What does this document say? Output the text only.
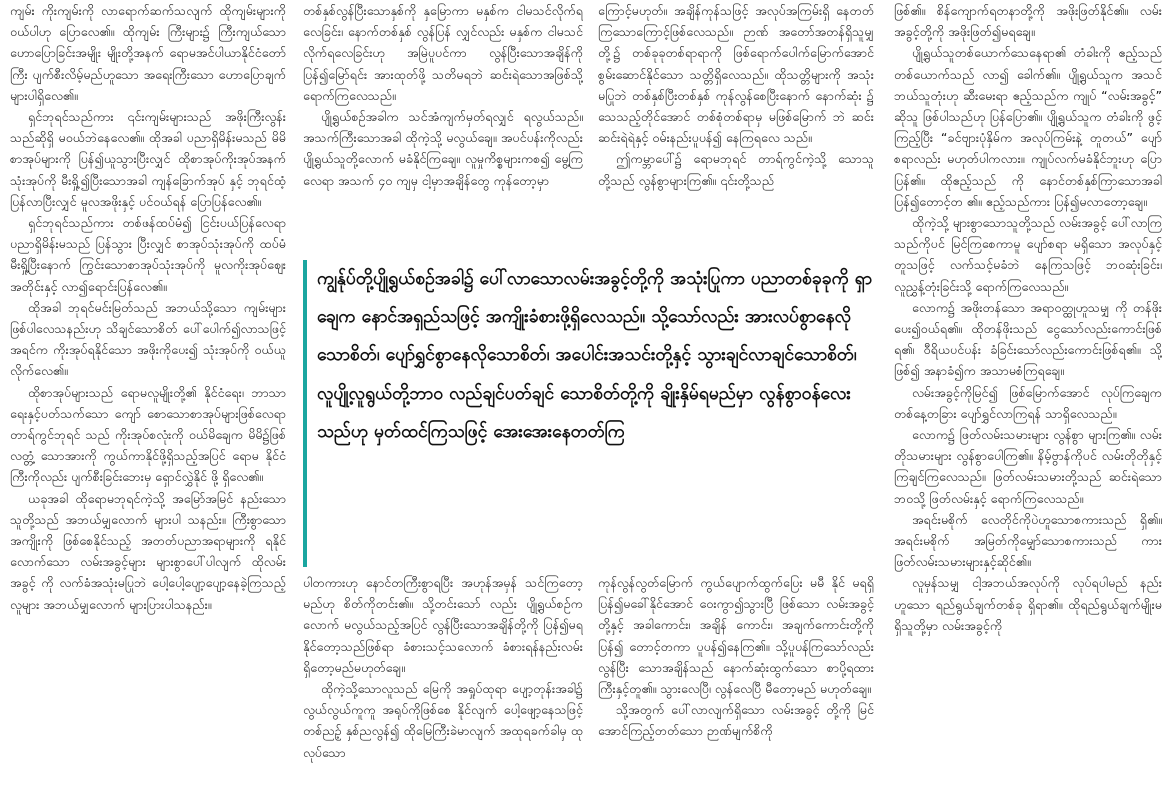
ကျမ်း ကိုးကျမ်းကို လာရောက်ဆက်သလျက် ထိုကျမ်းများကို ဝယ်ပါဟု ပြောလေ၏။ ထိုကျမ်း ကြီးများ၌ ကြီးကျယ်သော ဟောပြောခြင်းအမျိုး မျိုးတို့အနက် ရောမအင်ပါယာနိုင်ငံတော်ကြီး ပျက်စီးလိမ့်မည်ဟူသော အရေးကြီးသော ဟောပြောချက်များပါရှိလေ၏။

ရှင်ဘုရင်သည်ကား ၎င်းကျမ်းများသည် အဖိုးကြီးလွန်းသည်ဆိုရှိ မဝယ်ဘဲနေလေ၏။ ထိုအခါ ပညာရှိမိန်းမသည် မိမိစာအုပ်များကို ပြန်၍ယူသွားပြီးလျှင် ထိုစာအုပ်ကိုးအုပ်အနက် သုံးအုပ်ကို မီးရှို့၍ပြီးသောအခါ ကျန်ခြောက်အုပ် နှင့် ဘုရင်ထံ့ပြန်လာပြီးလျှင် မူလအဖိုးနှင့် ပင်ဝယ်ရန် ပြောပြန်လေ၏။

ရှင်ဘုရင်သည်ကား တစ်ဖန်ထပ်မံ၍ ငြင်းပယ်ပြန်လေရာ ပညာရှိမိန်းမသည် ပြန်သွား ပြီးလျှင် စာအုပ်သုံးအုပ်ကို ထပ်မံမီးရှို့ပြီးနောက် ကြွင်းသောစာအုပ်သုံးအုပ်ကို မူလကိုးအုပ်ဈေး အတိုင်းနှင့် လာ၍ရောင်းပြန်လေ၏။

ထိုအခါ ဘုရင်မင်းမြတ်သည် အဘယ်သို့သော ကျမ်းများဖြစ်ပါလေသနည်းဟု သိချင်သောစိတ် ပေါ်ပေါက်၍လာသဖြင့် အရင်က ကိုးအုပ်ရနိုင်သော အဖိုးကိုပေး၍ သုံးအုပ်ကို ဝယ်ယူလိုက်လေ၏။

ထိုစာအုပ်များသည် ရောမလူမျိုးတို့၏ နိုင်ငံရေး၊ ဘာသာရေးနှင့်ပတ်သက်သော ကျော် စောသောစာအုပ်များဖြစ်လေရာ တာရ်ကွင်ဘုရင် သည် ကိုးအုပ်စလုံးကို ဝယ်မိချေက မိမိ၌ဖြစ်လတ္တံ့ သောအားကို ကွယ်ကာနိုင်ဖို့ရှိသည့်အပြင် ရောမ နိုင်ငံကြီးကိုလည်း ပျက်စီးခြင်းဘေးမှ ရှောင်လွှဲနိုင် ဖို့ ရှိလေ၏။

ယခုအခါ ထိုရောမဘုရင်ကဲ့သို့ အမြော်အမြင် နည်းသောသူတို့သည် အဘယ်မျှလောက် များပါ သနည်း။ ကြီးစွာသောအကျိုးကို ဖြစ်စေနိုင်သည့် အတတ်ပညာအရာများကို ရနိုင်လောက်သော လမ်းအခွင့်များ များစွာပေါ်ပါလျက် ထိုလမ်းအခွင့် ကို လက်ခံအသုံးမပြုဘဲ ပေါ့ပေါ့ပျော့ပျော့နေခဲ့ကြသည့် လူများ အဘယ်မျှလောက် များပြားပါသနည်း။

တစ်နှစ်လွန်ပြီးသောနှစ်ကို နှမြောကာ မနှစ်က ငါမသင်လိုက်ရလေခြင်း၊ နောက်တစ်နှစ် လွန်ပြန် လျှင်လည်း မနှစ်က ငါမသင်လိုက်ရလေခြင်းဟု အမြဲပူပင်ကာ လွန်ပြီးသောအချိန်ကို ပြန်၍မြော်ရင်း အားထုတ်ဖို့ သတိမရဘဲ ဆင်းရဲသောအဖြစ်သို့ ရောက်ကြလေသည်။

ပျို့ရွယ်စဉ်အခါက သင်အံကျက်မှတ်ရလျှင် ရလွယ်သည်။ အသက်ကြီးသောအခါ ထိုကဲ့သို့ မလွယ်ချေ။ အပင်ပန်းကိုလည်း ပျို့ရွယ်သူတို့လောက် မခံနိုင်ကြချေ။ လူမှုကိစ္စများကစ၍ မွေ့ကြလေရာ အသက် ၄၀ ကျမှ ငါ့မှာအချိန်တွေ ကုန်တော့မှာ

ကြောင့်မဟုတ်။ အချိန်ကုန်သဖြင့် အလုပ်အကြမ်းရှိ နေတတ်ကြသောကြောင့်ဖြစ်လေသည်။ ဉာဏ် အတော်အတန်ရှိသူမျှတို့၌ တစ်ခုခုတစ်ရာရာကို ဖြစ်ရောက်ပေါက်မြောက်အောင် စွမ်းဆောင်နိုင်သော သတ္တိရှိလေသည်။ ထိုသတ္တိများကို အသုံးမပြုဘဲ တစ်နှစ်ပြီးတစ်နှစ် ကုန်လွန်စေပြီးနောက် နောက်ဆုံး ၌ သေသည့်တိုင်အောင် တစ်စုံတစ်ရာမှ မဖြစ်မြောက် ဘဲ ဆင်းဆင်းရဲရဲနှင့် ဝမ်းနည်းပူပန်၍ နေကြရလေ သည်။

ဤကမ္ဘာပေါ်၌ ရောမဘုရင် တာရ်ကွင်ကဲ့သို့ သောသူတို့သည် လွန်စွာများကြ၏။ ၎င်းတို့သည်

ကျွန်ုပ်တို့ပျို့ရွယ်စဉ်အခါ၌ ပေါ်လာသောလမ်းအခွင့်တို့ကို အသုံးပြုကာ ပညာတစ်ခုခုကို ရှာချေက နောင်အရှည်သဖြင့် အကျိုးခံစားဖို့ရှိလေသည်။ သို့သော်လည်း အားလပ်စွာနေလိုသောစိတ်၊ ပျော်ရွှင်စွာနေလိုသောစိတ်၊ အပေါင်းအသင်းတို့နှင့် သွားချင်လာချင်သောစိတ်၊ လူပျို့လူရွယ်တို့ဘာဝ လည်ချင်ပတ်ချင် သောစိတ်တို့ကို ချိုးနှိမ်ရမည်မှာ လွန်စွာဝန်လေးသည်ဟု မှတ်ထင်ကြသဖြင့် အေးအေးနေတတ်ကြ

ပါတကားဟု နောင်တကြီးစွာရပြီး အဟုန်အမှန် သင်ကြတော့မည်ဟု စိတ်ကိုတင်း၏။ သို့တင်းသော် လည်း ပျို့ရွယ်စဉ်ကလောက် မလွယ်သည့်အပြင် လွန်ပြီးသောအချိန်တို့ကို ပြန်၍မရနိုင်တော့သည်ဖြစ်ရာ ခံစားသင့်သလောက် ခံစားရန်နည်းလမ်း ရှိတော့မည်မဟုတ်ချေ။

ထိုကဲ့သို့သောလူသည် မြေကို အရှုပ်ထုရာ ပျော့တုန်းအခါ၌ လွယ်လွယ်ကူကူ အရုပ်ကိုဖြစ်စေ နိုင်လျက် ပေါ့ဖျော့နေသဖြင့် တစ်ညဉ့် နှစ်ညလွန်၍ ထိုမြေကြီးခဲမာလျက် အထုရခက်ခါမှ ထုလုပ်သော

ကုန်လွန်လွတ်မြောက် ကွယ်ပျောက်ထွက်ပြေး မမီ နိုင် မရရှိ ပြန်၍မခေါ်နိုင်အောင် ဝေးကွာ၍သွားပြီ ဖြစ်သော လမ်းအခွင့်တို့နှင့် အခါကောင်း၊ အချိန် ကောင်း၊ အချက်ကောင်းတို့ကို ပြန်၍ တောင့်တကာ ပူပန်၍နေကြ၏။ သို့ပူပန်ကြသော်လည်း လွန်ပြီး သောအချိန်သည် နောက်ဆုံးထွက်သော စာပို့ရထား ကြီးနှင့်တူ၏။ သွားလေပြီ၊ လွန်လေပြီ မီတော့မည် မဟုတ်ချေ။

သို့အတွက် ပေါ်လာလျက်ရှိသော လမ်းအခွင့် တို့ကို မြင်အောင်ကြည့်တတ်သော ဉာဏ်မျက်စိကို

ဖြစ်၏။ စိန်ကျောက်ရတနာတို့ကို အဖိုးဖြတ်နိုင်၏။ လမ်းအခွင့်တို့ကို အဖိုးဖြတ်၍မရချေ။

ပျို့ရွယ်သူတစ်ယောက်သေနေရာ၏ တံခါးကို ဧည့်သည်တစ်ယောက်သည် လာ၍ ခေါက်၏။ ပျို့ရွယ်သူက အသင်ဘယ်သူတုံးဟု ဆီးမေးရာ ဧည့်သည်က ကျုပ် “လမ်းအခွင့်” ဆိုသူ ဖြစ်ပါသည်ဟု ပြန်ပြော၏။ ပျို့ရွယ်သူက တံခါးကို ဖွင့်ကြည့်ပြီး “ခင်ဗျားပုံနှိမ်က အလုပ်ကြမ်းနဲ့ တူတယ်” ပျော်စရာလည်း မဟုတ်ပါကလား။ ကျုပ်လက်မခံနိုင်ဘူးဟု ပြောပြန်၏။ ထိုဧည့်သည် ကို နောင်တစ်နှစ်ကြာသောအခါ ပြန်၍တောင့်တ ၏။ ဧည့်သည်ကား ပြန်၍မလာတော့ချေ။

ထိုကဲ့သို့ များစွာသောသူတို့သည် လမ်းအခွင့် ပေါ်လာကြသည်ကိုပင် မြင်ကြစေကာမူ ပျော်စရာ မရှိသော အလုပ်နှင့်တူသဖြင့် လက်သင့်မခံဘဲ နေကြသဖြင့် ဘဝဆုံးခြင်း၊ လူညွှန့်တုံးခြင်းသို့ ရောက်ကြလေသည်။

လောက၌ အဖိုးတန်သော အရာဝတ္ထုဟူသမျှ ကို တန်ဖိုးပေး၍ဝယ်ရ၏။ ထိုတန်ဖိုးသည် ငွေသော်လည်းကောင်းဖြစ်ရ၏၊ ဝီရိယပင်ပန်း ခံခြင်းသော်လည်းကောင်းဖြစ်ရ၏။ သို့ဖြစ်၍ အနာခံ၍က အသာမစံကြရချေ။

လမ်းအခွင့်ကိုမြင်၍ ဖြစ်မြောက်အောင် လုပ်ကြချေက တစ်နေ့တခြား ပျော်ရွှင်လာကြရန် သာရှိလေသည်။

လောက၌ ဖြတ်လမ်းသမားများ လွန်စွာ များကြ၏။ လမ်းတိုသမားများ လွန်စွာပေါကြ၏။ နိမ့်ဗွာန်ကိုပင် လမ်းတိုတိုနှင့် ကြချင်ကြလေသည်။ ဖြတ်လမ်းသမားတို့သည် ဆင်းရဲသောဘဝသို့ ဖြတ်လမ်းနှင့် ရောက်ကြလေသည်။

အရင်းမစိုက် လေတိုင်ကိုပဲဟူသောစကားသည် ရှိ၏။ အရင်းမစိုက် အမြတ်ကိုမျှော်သောစကားသည် ကား ဖြတ်လမ်းသမားများနှင့်ဆိုင်၏။

လူမှန်သမျှ ငါ့အဘယ်အလုပ်ကို လုပ်ရပါမည် နည်းဟူသော ရည်ရွယ်ချက်တစ်ခု ရှိရာ၏။ ထိုရည်ရွယ်ချက်မျိုးမရှိသူတို့မှာ လမ်းအခွင့်ကို
